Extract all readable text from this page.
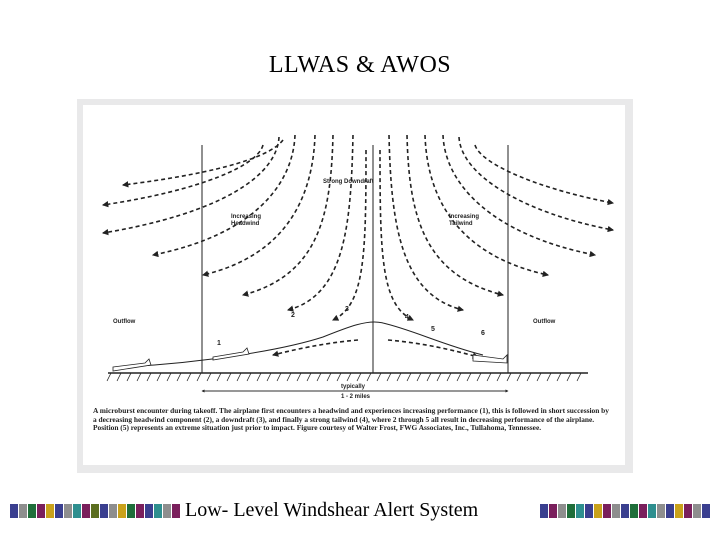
LLWAS & AWOS
Strong Downdraft
Increasing
Headwind
Increasing
Tailwind
Outflow	Outflow
typically
1 - 2 miles
1
2
3
4
5
6
A microburst encounter during takeoff. The airplane first encounters a headwind and experiences increasing performance (1), this is followed in short succession by a decreasing headwind component (2), a downdraft (3), and finally a strong tailwind (4), where 2 through 5 all result in decreasing performance of the airplane. Position (5) represents an extreme situation just prior to impact. Figure courtesy of Walter Frost, FWG Associates, Inc., Tullahoma, Tennessee.
Low- Level Windshear Alert System
